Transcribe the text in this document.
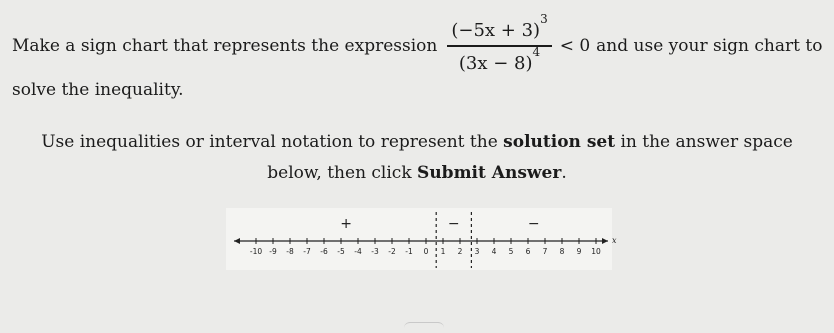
Make a sign chart that represents the expression $\frac{(-5x + 3)^3}{(3x - 8)^4} < 0$ and use your sign chart to
solve the inequality.
Use inequalities or interval notation to represent the solution set in the answer space
below, then click Submit Answer.
-10 -9 -8 -7 -6 -5 -4 -3 -2 -1 0 1 2 3 4 5 6 7 8 9 10
x
+	−	−
